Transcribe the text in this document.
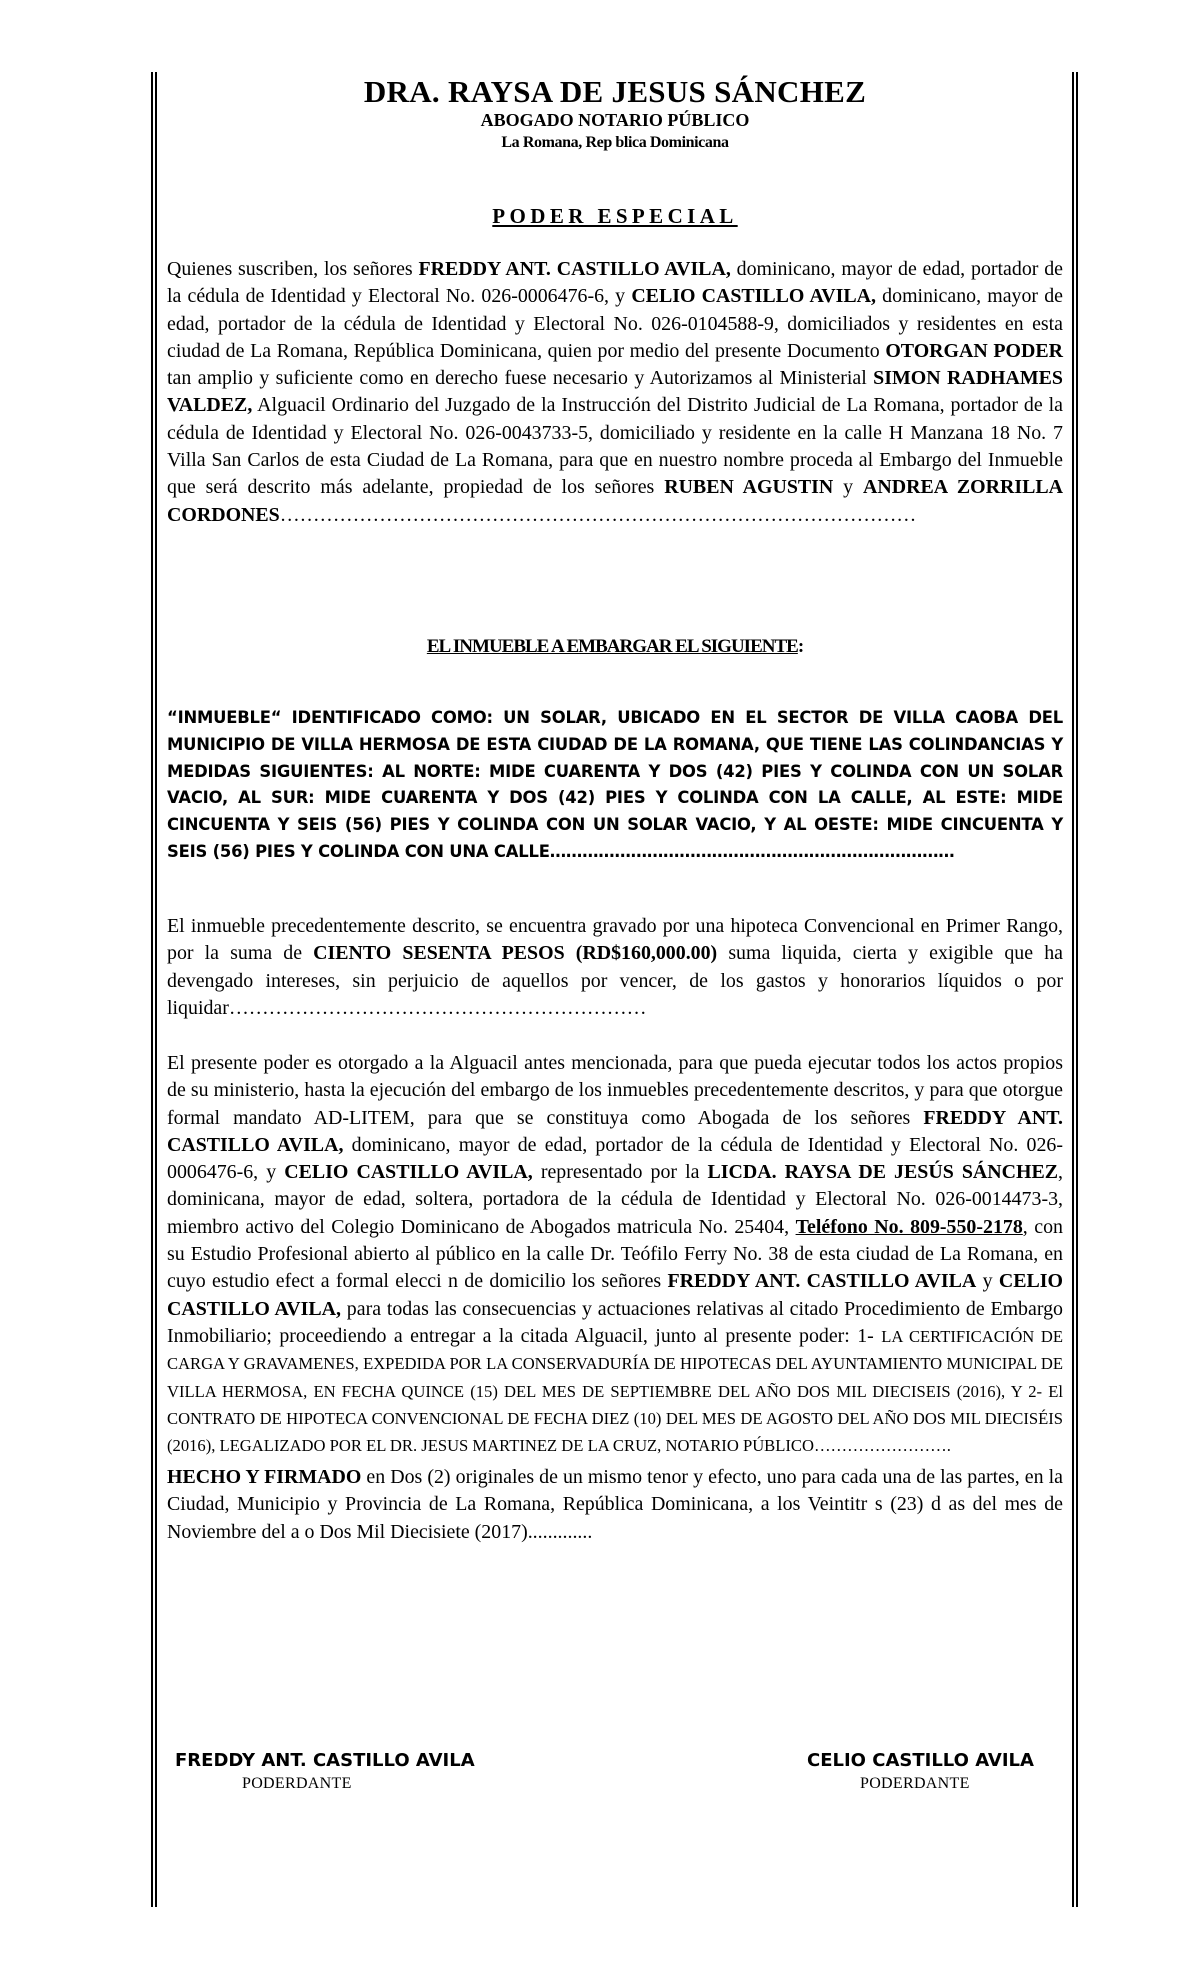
DRA. RAYSA DE JESUS SÁNCHEZ
ABOGADO NOTARIO PÚBLICO
La Romana, Rep blica Dominicana
PODER ESPECIAL
Quienes suscriben, los señores FREDDY ANT. CASTILLO AVILA, dominicano, mayor de edad, portador de la cédula de Identidad y Electoral No. 026-0006476-6, y CELIO CASTILLO AVILA, dominicano, mayor de edad, portador de la cédula de Identidad y Electoral No. 026-0104588-9, domiciliados y residentes en esta ciudad de La Romana, República Dominicana, quien por medio del presente Documento OTORGAN PODER tan amplio y suficiente como en derecho fuese necesario y Autorizamos al Ministerial SIMON RADHAMES VALDEZ, Alguacil Ordinario del Juzgado de la Instrucción del Distrito Judicial de La Romana, portador de la cédula de Identidad y Electoral No. 026-0043733-5, domiciliado y residente en la calle H Manzana 18 No. 7 Villa San Carlos de esta Ciudad de La Romana, para que en nuestro nombre proceda al Embargo del Inmueble que será descrito más adelante, propiedad de los señores RUBEN AGUSTIN y ANDREA ZORRILLA CORDONES……………………………………………………………………………………
EL INMUEBLE A EMBARGAR EL SIGUIENTE:
“INMUEBLE“ IDENTIFICADO COMO: UN SOLAR, UBICADO EN EL SECTOR DE VILLA CAOBA DEL MUNICIPIO DE VILLA HERMOSA DE ESTA CIUDAD DE LA ROMANA, QUE TIENE LAS COLINDANCIAS Y MEDIDAS SIGUIENTES: AL NORTE: MIDE CUARENTA Y DOS (42) PIES Y COLINDA CON UN SOLAR VACIO, AL SUR: MIDE CUARENTA Y DOS (42) PIES Y COLINDA CON LA CALLE, AL ESTE: MIDE CINCUENTA Y SEIS (56) PIES Y COLINDA CON UN SOLAR VACIO, Y AL OESTE: MIDE CINCUENTA Y SEIS (56) PIES Y COLINDA CON UNA CALLE…………………………………………………………………
El inmueble precedentemente descrito, se encuentra gravado por una hipoteca Convencional en Primer Rango, por la suma de CIENTO SESENTA PESOS (RD$160,000.00) suma liquida, cierta y exigible que ha devengado intereses, sin perjuicio de aquellos por vencer, de los gastos y honorarios líquidos o por liquidar………………………………………………………
El presente poder es otorgado a la Alguacil antes mencionada, para que pueda ejecutar todos los actos propios de su ministerio, hasta la ejecución del embargo de los inmuebles precedentemente descritos, y para que otorgue formal mandato AD-LITEM, para que se constituya como Abogada de los señores FREDDY ANT. CASTILLO AVILA, dominicano, mayor de edad, portador de la cédula de Identidad y Electoral No. 026-0006476-6, y CELIO CASTILLO AVILA, representado por la LICDA. RAYSA DE JESÚS SÁNCHEZ, dominicana, mayor de edad, soltera, portadora de la cédula de Identidad y Electoral No. 026-0014473-3, miembro activo del Colegio Dominicano de Abogados matricula No. 25404, Teléfono No. 809-550-2178, con su Estudio Profesional abierto al público en la calle Dr. Teófilo Ferry No. 38 de esta ciudad de La Romana, en cuyo estudio efect a formal elecci n de domicilio los señores FREDDY ANT. CASTILLO AVILA y CELIO CASTILLO AVILA, para todas las consecuencias y actuaciones relativas al citado Procedimiento de Embargo Inmobiliario; proceediendo a entregar a la citada Alguacil, junto al presente poder: 1- LA CERTIFICACIÓN DE CARGA Y GRAVAMENES, EXPEDIDA POR LA CONSERVADURÍA DE HIPOTECAS DEL AYUNTAMIENTO MUNICIPAL DE VILLA HERMOSA, EN FECHA QUINCE (15) DEL MES DE SEPTIEMBRE DEL AÑO DOS MIL DIECISEIS (2016), Y 2- El CONTRATO DE HIPOTECA CONVENCIONAL DE FECHA DIEZ (10) DEL MES DE AGOSTO DEL AÑO DOS MIL DIECISÉIS (2016), LEGALIZADO POR EL DR. JESUS MARTINEZ DE LA CRUZ, NOTARIO PÚBLICO…………………….
HECHO Y FIRMADO en Dos (2) originales de un mismo tenor y efecto, uno para cada una de las partes, en la Ciudad, Municipio y Provincia de La Romana, República Dominicana, a los Veintitr s (23) d as del mes de Noviembre del a o Dos Mil Diecisiete (2017).............
FREDDY ANT. CASTILLO AVILA
PODERDANTE
CELIO CASTILLO AVILA
PODERDANTE
